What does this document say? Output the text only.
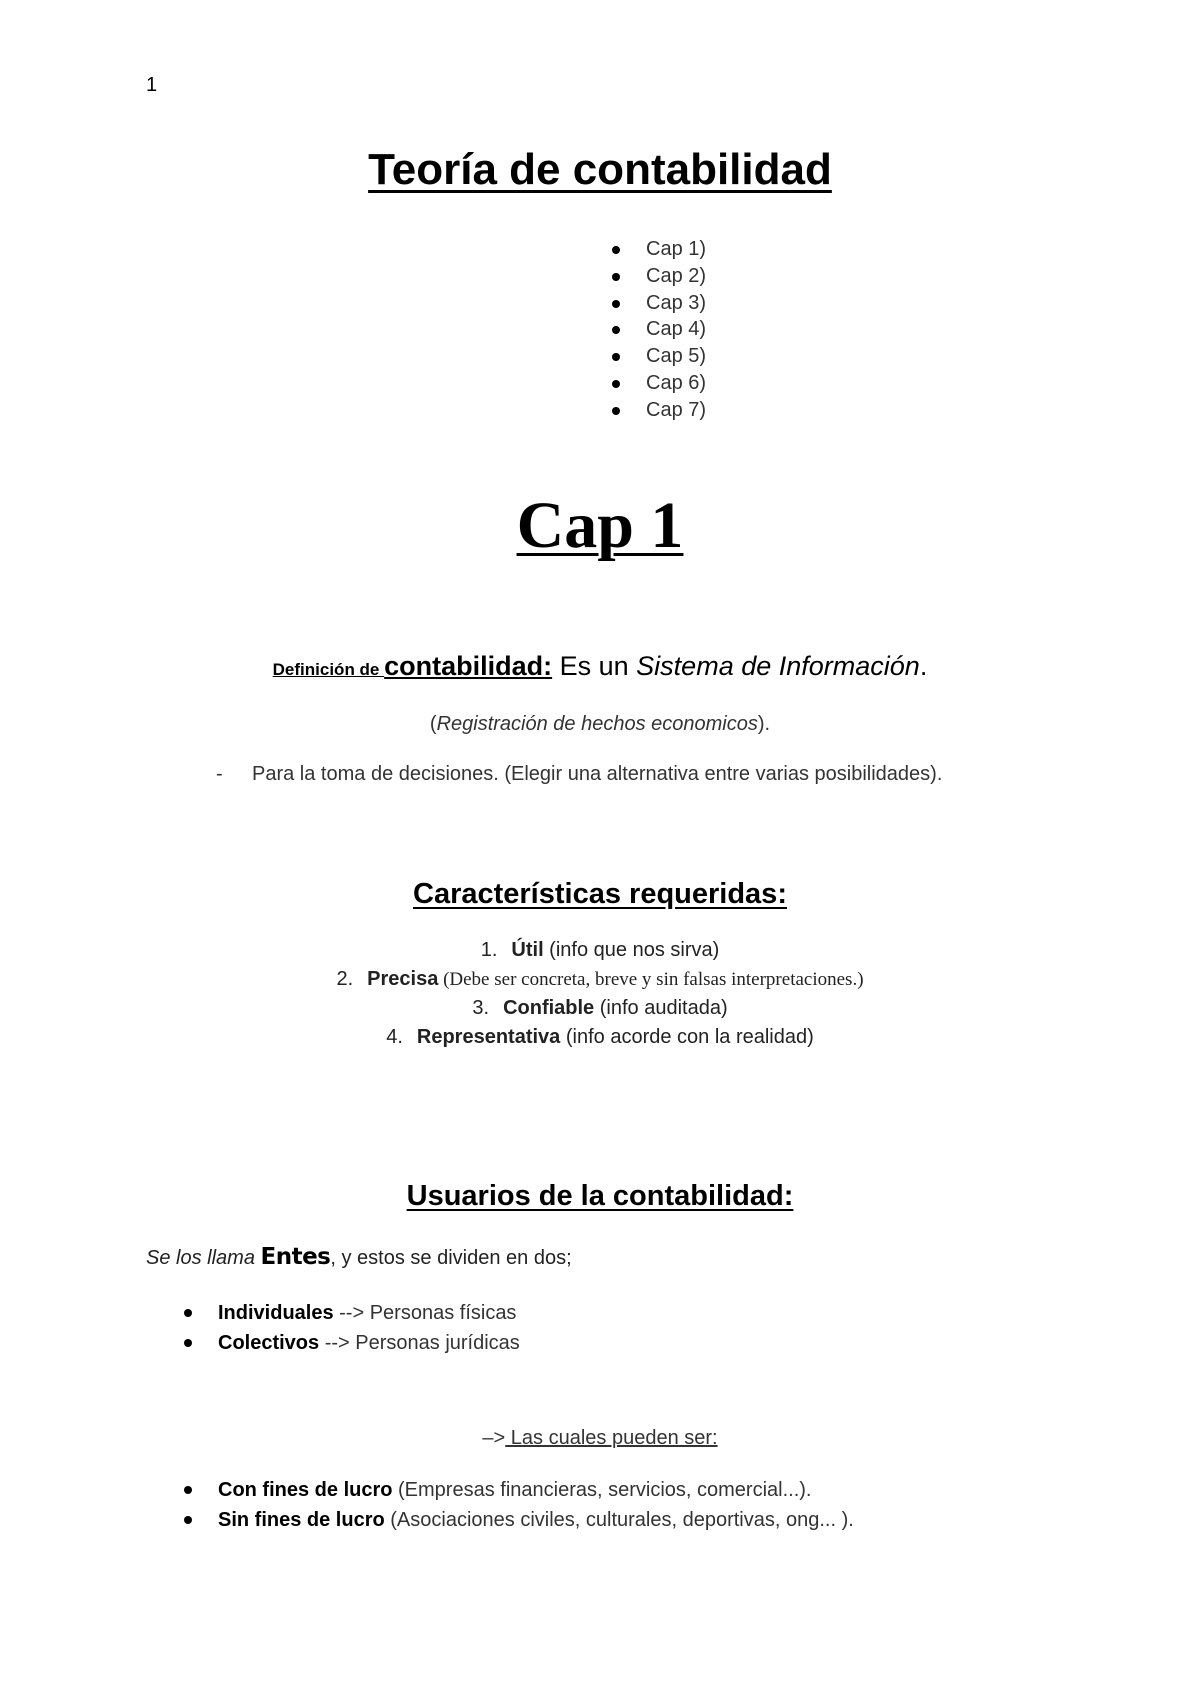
1
Teoría de contabilidad
Cap 1)
Cap 2)
Cap 3)
Cap 4)
Cap 5)
Cap 6)
Cap 7)
Cap 1
Definición de contabilidad: Es un Sistema de Información.
(Registración de hechos economicos).
- Para la toma de decisiones. (Elegir una alternativa entre varias posibilidades).
Características requeridas:
1. Útil (info que nos sirva)
2. Precisa (Debe ser concreta, breve y sin falsas interpretaciones.)
3. Confiable (info auditada)
4. Representativa (info acorde con la realidad)
Usuarios de la contabilidad:
Se los llama Entes, y estos se dividen en dos;
Individuales --> Personas físicas
Colectivos --> Personas jurídicas
–> Las cuales pueden ser:
Con fines de lucro (Empresas financieras, servicios, comercial...).
Sin fines de lucro (Asociaciones civiles, culturales, deportivas, ong... ).
